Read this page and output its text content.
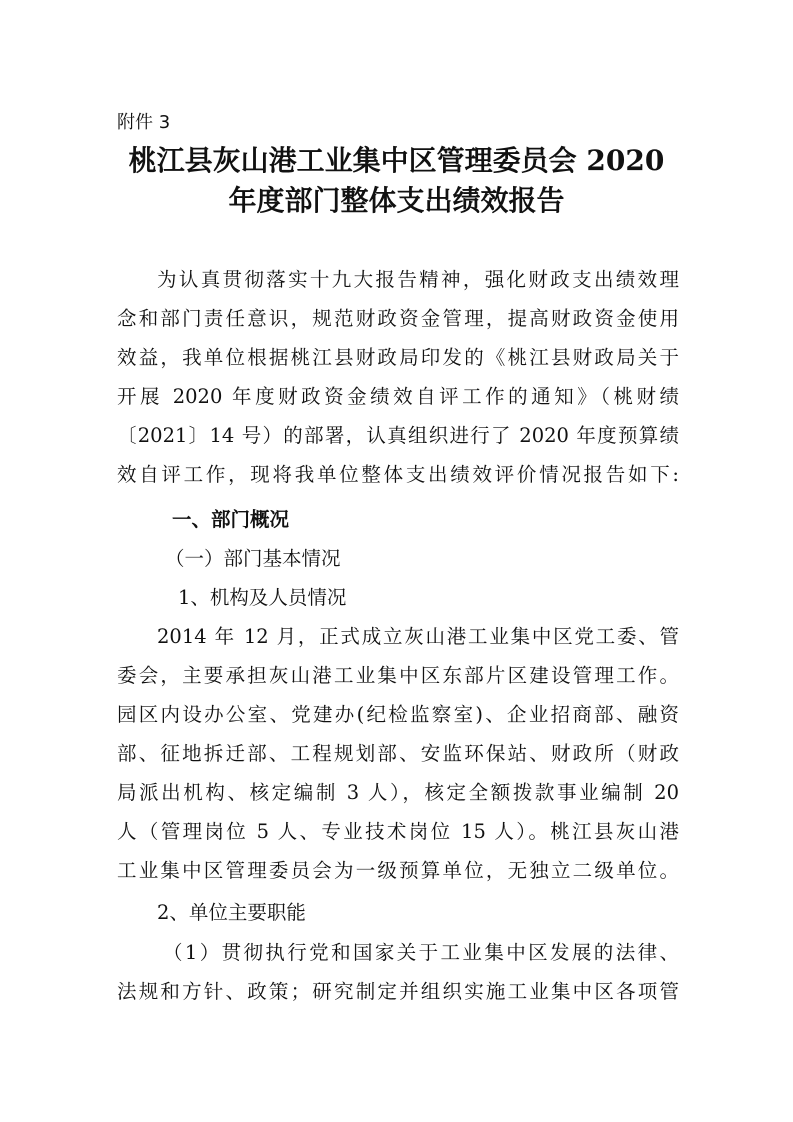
附件 3
桃江县灰山港工业集中区管理委员会 2020
年度部门整体支出绩效报告
为认真贯彻落实十九大报告精神，强化财政支出绩效理
念和部门责任意识，规范财政资金管理，提高财政资金使用
效益，我单位根据桃江县财政局印发的《桃江县财政局关于
开展 2020 年度财政资金绩效自评工作的通知》（桃财绩
〔2021〕14 号）的部署，认真组织进行了 2020 年度预算绩
效自评工作，现将我单位整体支出绩效评价情况报告如下:
一、部门概况
（一）部门基本情况
1、机构及人员情况
2014 年 12 月，正式成立灰山港工业集中区党工委、管
委会，主要承担灰山港工业集中区东部片区建设管理工作。
园区内设办公室、党建办(纪检监察室)、企业招商部、融资
部、征地拆迁部、工程规划部、安监环保站、财政所（财政
局派出机构、核定编制 3 人），核定全额拨款事业编制 20
人（管理岗位 5 人、专业技术岗位 15 人）。桃江县灰山港
工业集中区管理委员会为一级预算单位，无独立二级单位。
2、单位主要职能
（1）贯彻执行党和国家关于工业集中区发展的法律、
法规和方针、政策；研究制定并组织实施工业集中区各项管
